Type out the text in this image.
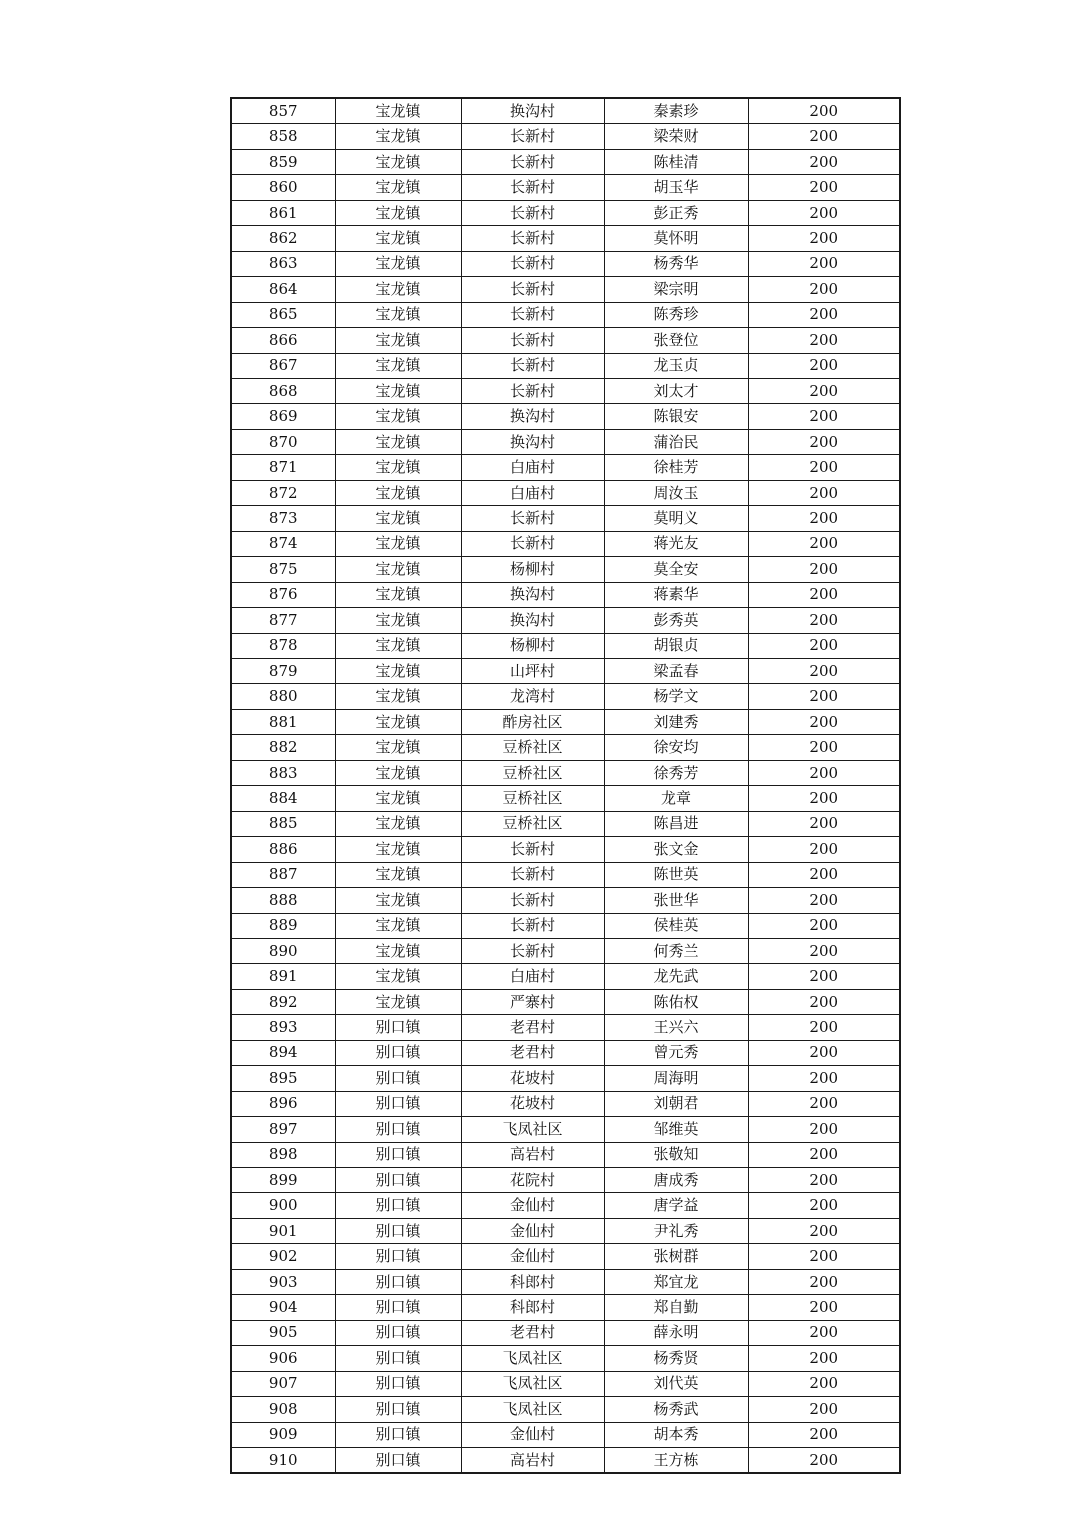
857	宝龙镇	换沟村	秦素珍	200
858	宝龙镇	长新村	梁荣财	200
859	宝龙镇	长新村	陈桂清	200
860	宝龙镇	长新村	胡玉华	200
861	宝龙镇	长新村	彭正秀	200
862	宝龙镇	长新村	莫怀明	200
863	宝龙镇	长新村	杨秀华	200
864	宝龙镇	长新村	梁宗明	200
865	宝龙镇	长新村	陈秀珍	200
866	宝龙镇	长新村	张登位	200
867	宝龙镇	长新村	龙玉贞	200
868	宝龙镇	长新村	刘太才	200
869	宝龙镇	换沟村	陈银安	200
870	宝龙镇	换沟村	蒲治民	200
871	宝龙镇	白庙村	徐桂芳	200
872	宝龙镇	白庙村	周汝玉	200
873	宝龙镇	长新村	莫明义	200
874	宝龙镇	长新村	蒋光友	200
875	宝龙镇	杨柳村	莫全安	200
876	宝龙镇	换沟村	蒋素华	200
877	宝龙镇	换沟村	彭秀英	200
878	宝龙镇	杨柳村	胡银贞	200
879	宝龙镇	山坪村	梁孟春	200
880	宝龙镇	龙湾村	杨学文	200
881	宝龙镇	酢房社区	刘建秀	200
882	宝龙镇	豆桥社区	徐安均	200
883	宝龙镇	豆桥社区	徐秀芳	200
884	宝龙镇	豆桥社区	龙章	200
885	宝龙镇	豆桥社区	陈昌进	200
886	宝龙镇	长新村	张文金	200
887	宝龙镇	长新村	陈世英	200
888	宝龙镇	长新村	张世华	200
889	宝龙镇	长新村	侯桂英	200
890	宝龙镇	长新村	何秀兰	200
891	宝龙镇	白庙村	龙先武	200
892	宝龙镇	严寨村	陈佑权	200
893	别口镇	老君村	王兴六	200
894	别口镇	老君村	曾元秀	200
895	别口镇	花坡村	周海明	200
896	别口镇	花坡村	刘朝君	200
897	别口镇	飞凤社区	邹维英	200
898	别口镇	高岩村	张敬知	200
899	别口镇	花院村	唐成秀	200
900	别口镇	金仙村	唐学益	200
901	别口镇	金仙村	尹礼秀	200
902	别口镇	金仙村	张树群	200
903	别口镇	科郎村	郑宜龙	200
904	别口镇	科郎村	郑自勤	200
905	别口镇	老君村	薛永明	200
906	别口镇	飞凤社区	杨秀贤	200
907	别口镇	飞凤社区	刘代英	200
908	别口镇	飞凤社区	杨秀武	200
909	别口镇	金仙村	胡本秀	200
910	别口镇	高岩村	王方栋	200
